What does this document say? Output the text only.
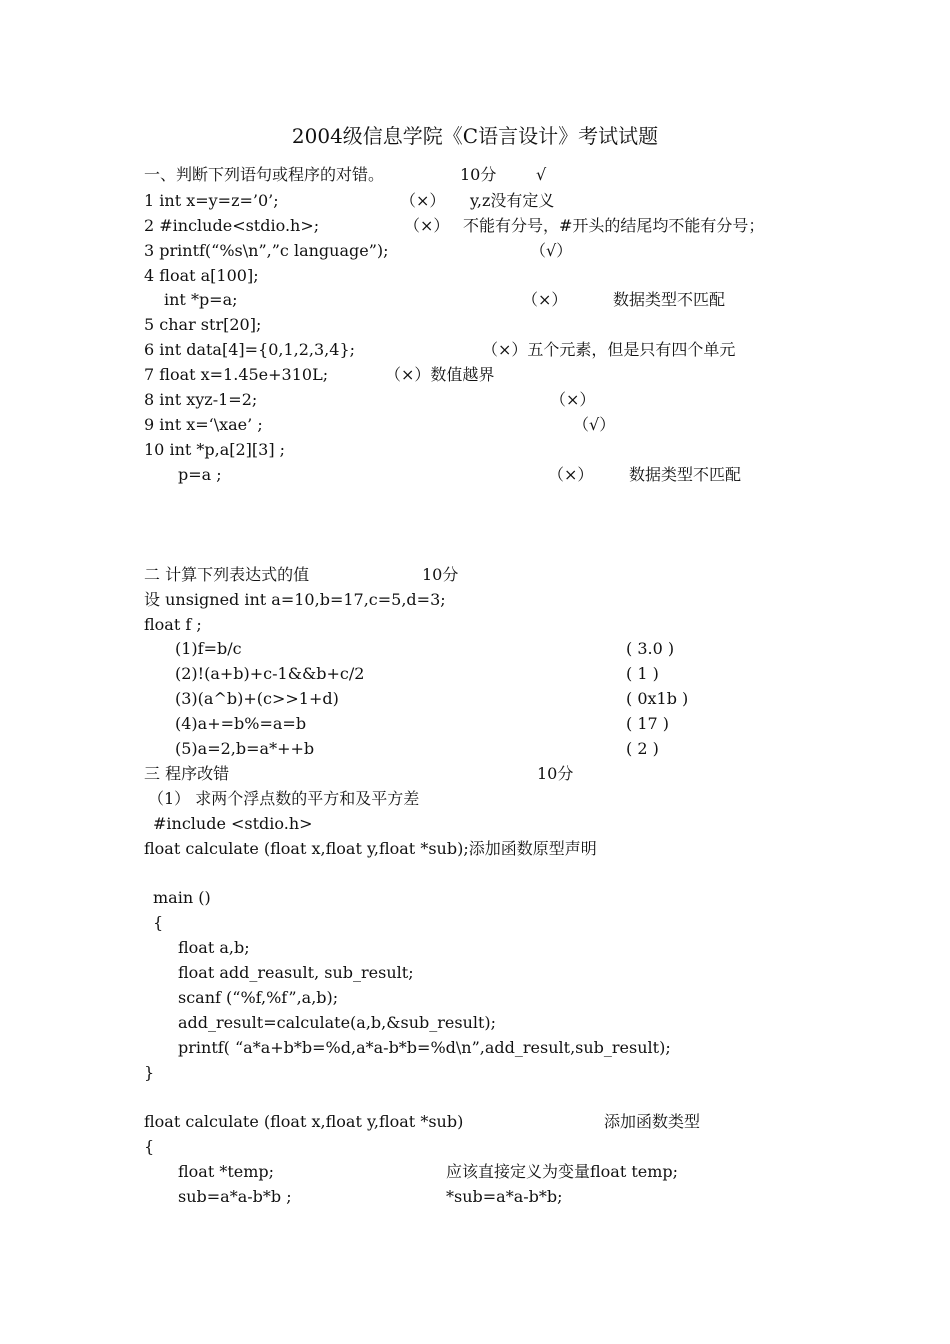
2004级信息学院《C语言设计》考试试题
一、判断下列语句或程序的对错。	10分 √
1 int x=y=z=’0’;	（×） y,z没有定义
2 #include<stdio.h>;	（×） 不能有分号，#开头的结尾均不能有分号；
3 printf(“%s\n”,”c language”);	（√）
4 float a[100];
int *p=a;	（×）	数据类型不匹配
5 char str[20];
6 int data[4]={0,1,2,3,4};	（×）五个元素，但是只有四个单元
7 float x=1.45e+310L;	（×）数值越界
8 int xyz-1=2;	（×）
9 int x=‘\xae’ ;	（√）
10 int *p,a[2][3] ;
p=a ;	（×） 数据类型不匹配
二 计算下列表达式的值	10分
设 unsigned int a=10,b=17,c=5,d=3;
float f ;
(1)f=b/c	( 3.0 )
(2)!(a+b)+c-1&&b+c/2	( 1 )
(3)(a^b)+(c>>1+d)	( 0x1b )
(4)a+=b%=a=b	( 17 )
(5)a=2,b=a*++b	( 2 )
三 程序改错	10分
（1） 求两个浮点数的平方和及平方差
#include <stdio.h>
float calculate (float x,float y,float *sub);添加函数原型声明
main ()
{
float a,b;
float add_reasult, sub_result;
scanf (“%f,%f”,a,b);
add_result=calculate(a,b,&sub_result);
printf( “a*a+b*b=%d,a*a-b*b=%d\n”,add_result,sub_result);
}
float calculate (float x,float y,float *sub)	添加函数类型
{
float *temp;	应该直接定义为变量float temp;
sub=a*a-b*b ;	*sub=a*a-b*b;
